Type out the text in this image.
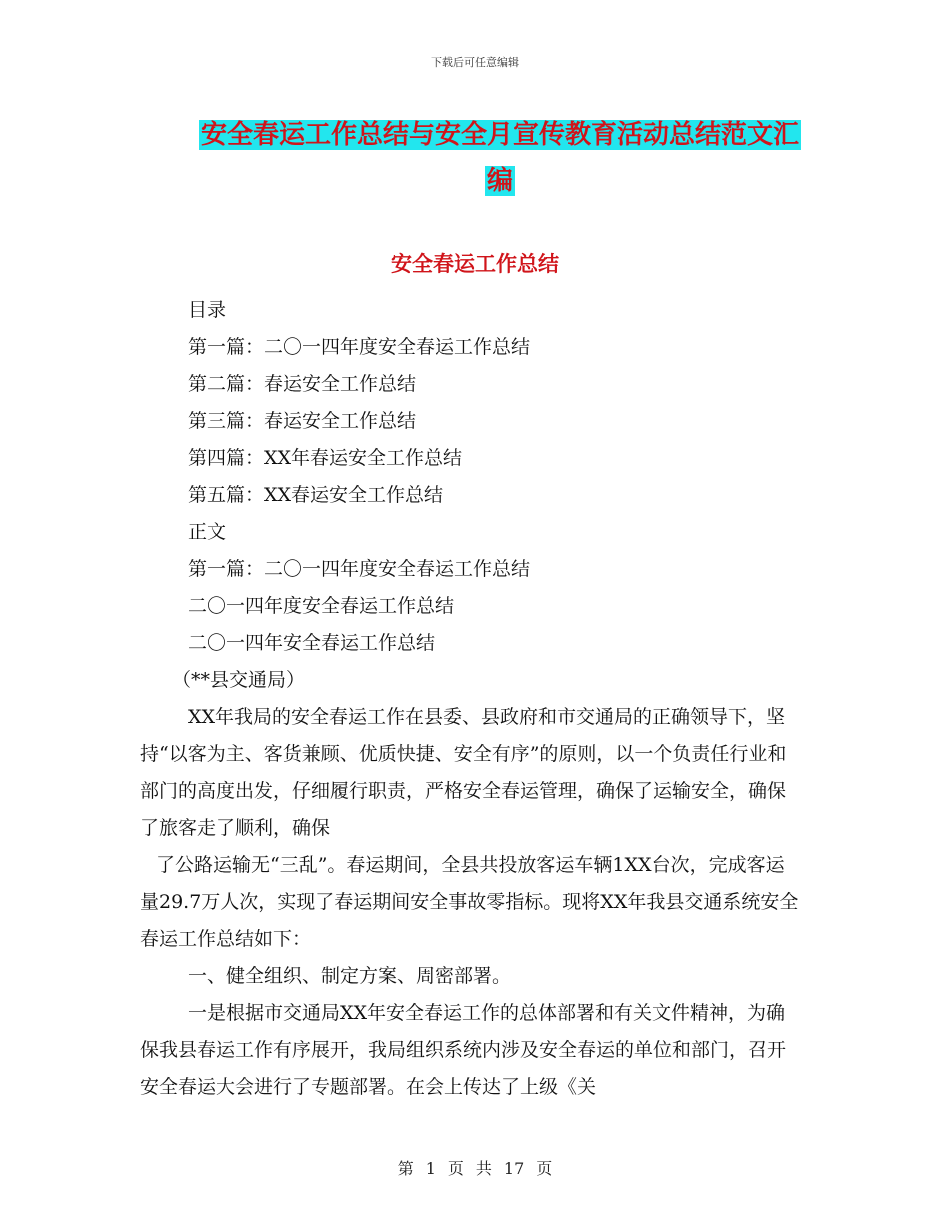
下载后可任意编辑
安全春运工作总结与安全月宣传教育活动总结范文汇
编
安全春运工作总结

目录

第一篇：二〇一四年度安全春运工作总结

第二篇：春运安全工作总结

第三篇：春运安全工作总结

第四篇：XX年春运安全工作总结

第五篇：XX春运安全工作总结

正文

第一篇：二〇一四年度安全春运工作总结

二〇一四年度安全春运工作总结

二〇一四年安全春运工作总结

（**县交通局）

XX年我局的安全春运工作在县委、县政府和市交通局的正确领导下，坚持“以客为主、客货兼顾、优质快捷、安全有序”的原则，以一个负责任行业和部门的高度出发，仔细履行职责，严格安全春运管理，确保了运输安全，确保了旅客走了顺利，确保

了公路运输无“三乱”。春运期间，全县共投放客运车辆1XX台次，完成客运量29.7万人次，实现了春运期间安全事故零指标。现将XX年我县交通系统安全春运工作总结如下：

一、健全组织、制定方案、周密部署。

一是根据市交通局XX年安全春运工作的总体部署和有关文件精神，为确保我县春运工作有序展开，我局组织系统内涉及安全春运的单位和部门，召开安全春运大会进行了专题部署。在会上传达了上级《关

第 1 页 共 17 页
